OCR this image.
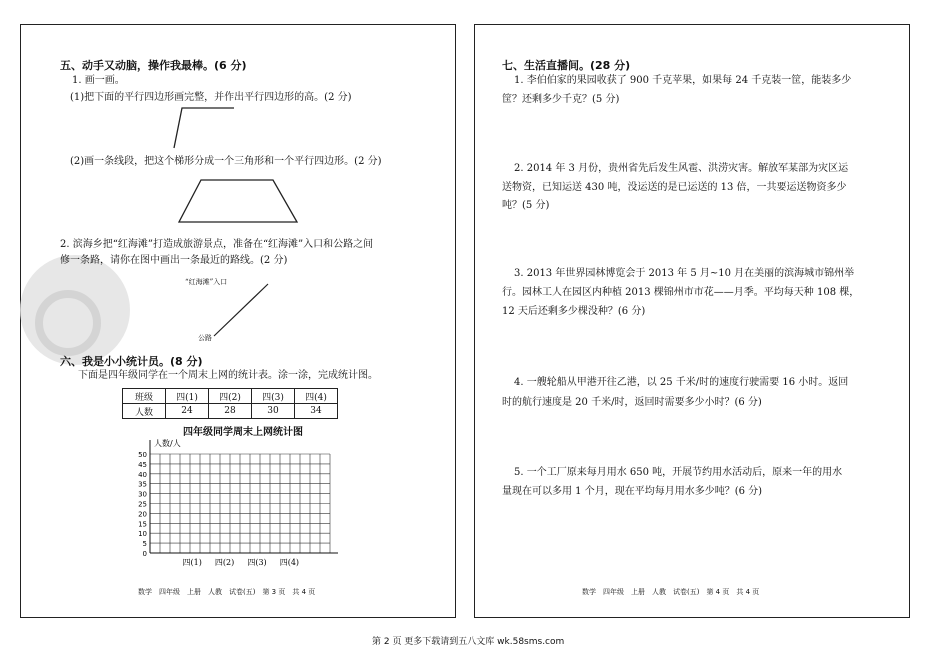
五、动手又动脑，操作我最棒。(6 分)
1. 画一画。
(1)把下面的平行四边形画完整，并作出平行四边形的高。(2 分)
(2)画一条线段，把这个梯形分成一个三角形和一个平行四边形。(2 分)
2. 滨海乡把“红海滩”打造成旅游景点，准备在“红海滩”入口和公路之间
修一条路，请你在图中画出一条最近的路线。(2 分)
“红海滩”入口
公路
六、我是小小统计员。(8 分)
下面是四年级同学在一个周末上网的统计表。涂一涂，完成统计图。
班级	四(1)	四(2)	四(3)	四(4)
人数	24	28	30	34
四年级同学周末上网统计图
人数/人
50
45
40
35
30
25
20
15
10
5
0
四(1) 四(2) 四(3) 四(4)
数学　四年级　上册　人教　试卷(五)　第 3 页　共 4 页
七、生活直播间。(28 分)
1. 李伯伯家的果园收获了 900 千克苹果，如果每 24 千克装一筐，能装多少
筐？还剩多少千克？(5 分)
2. 2014 年 3 月份，贵州省先后发生风雹、洪涝灾害。解放军某部为灾区运
送物资，已知运送 430 吨，没运送的是已运送的 13 倍，一共要运送物资多少
吨？(5 分)
3. 2013 年世界园林博览会于 2013 年 5 月~10 月在美丽的滨海城市锦州举
行。园林工人在园区内种植 2013 棵锦州市市花——月季。平均每天种 108 棵，
12 天后还剩多少棵没种？(6 分)
4. 一艘轮船从甲港开往乙港，以 25 千米/时的速度行驶需要 16 小时。返回
时的航行速度是 20 千米/时，返回时需要多少小时？(6 分)
5. 一个工厂原来每月用水 650 吨，开展节约用水活动后，原来一年的用水
量现在可以多用 1 个月，现在平均每月用水多少吨？(6 分)
数学　四年级　上册　人教　试卷(五)　第 4 页　共 4 页
第 2 页 更多下载请到五八文库 wk.58sms.com
